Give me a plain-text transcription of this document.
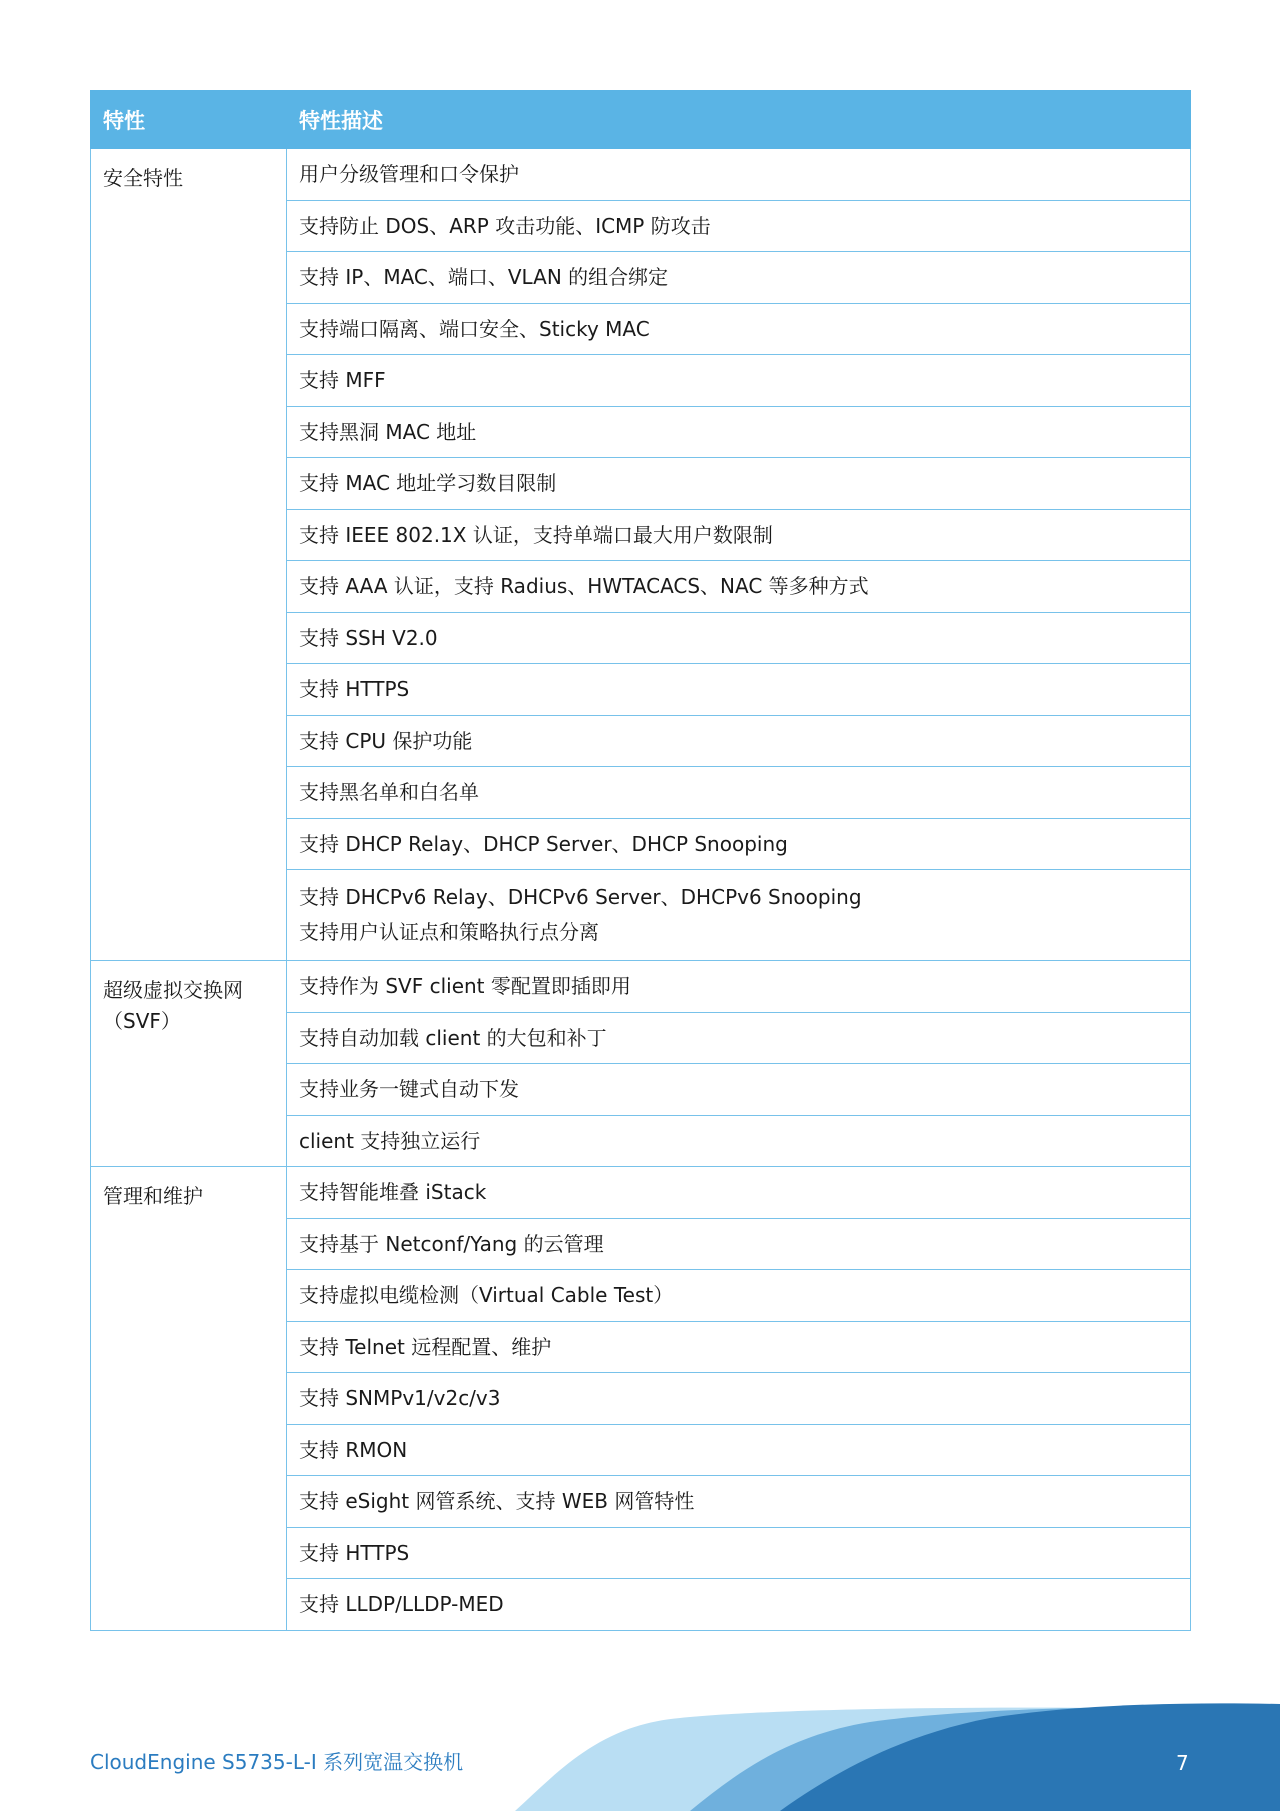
特性	特性描述

安全特性	用户分级管理和口令保护

	支持防止 DOS、ARP 攻击功能、ICMP 防攻击

	支持 IP、MAC、端口、VLAN 的组合绑定

	支持端口隔离、端口安全、Sticky MAC

	支持 MFF

	支持黑洞 MAC 地址

	支持 MAC 地址学习数目限制

	支持 IEEE 802.1X 认证，支持单端口最大用户数限制

	支持 AAA 认证，支持 Radius、HWTACACS、NAC 等多种方式

	支持 SSH V2.0

	支持 HTTPS

	支持 CPU 保护功能

	支持黑名单和白名单

	支持 DHCP Relay、DHCP Server、DHCP Snooping

	支持 DHCPv6 Relay、DHCPv6 Server、DHCPv6 Snooping
支持用户认证点和策略执行点分离

超级虚拟交换网
（SVF）	支持作为 SVF client 零配置即插即用

	支持自动加载 client 的大包和补丁

	支持业务一键式自动下发

	client 支持独立运行

管理和维护	支持智能堆叠 iStack

	支持基于 Netconf/Yang 的云管理

	支持虚拟电缆检测（Virtual Cable Test）

	支持 Telnet 远程配置、维护

	支持 SNMPv1/v2c/v3

	支持 RMON

	支持 eSight 网管系统、支持 WEB 网管特性

	支持 HTTPS

	支持 LLDP/LLDP-MED
CloudEngine S5735-L-I 系列宽温交换机	7
